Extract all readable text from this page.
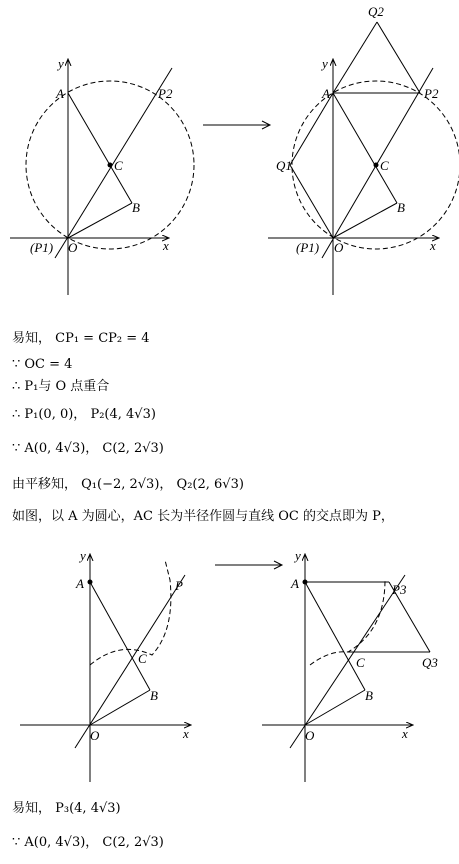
y
x
A	P2
C
B
O
(P1)
Q2
y
x
A	P2
Q1	C
B
O
(P1)
易知， CP₁ = CP₂ = 4
∵ OC = 4
∴ P₁与 O 点重合
∴ P₁(0, 0)， P₂(4, 4√3)
∵ A(0, 4√3)， C(2, 2√3)
由平移知， Q₁(−2, 2√3)， Q₂(2, 6√3)
如图，以 A 为圆心，AC 长为半径作圆与直线 OC 的交点即为 P，
y
x
A	P
C
B
O
y
x
A	P3
C	Q3
B
O
易知， P₃(4, 4√3)
∵ A(0, 4√3)， C(2, 2√3)
